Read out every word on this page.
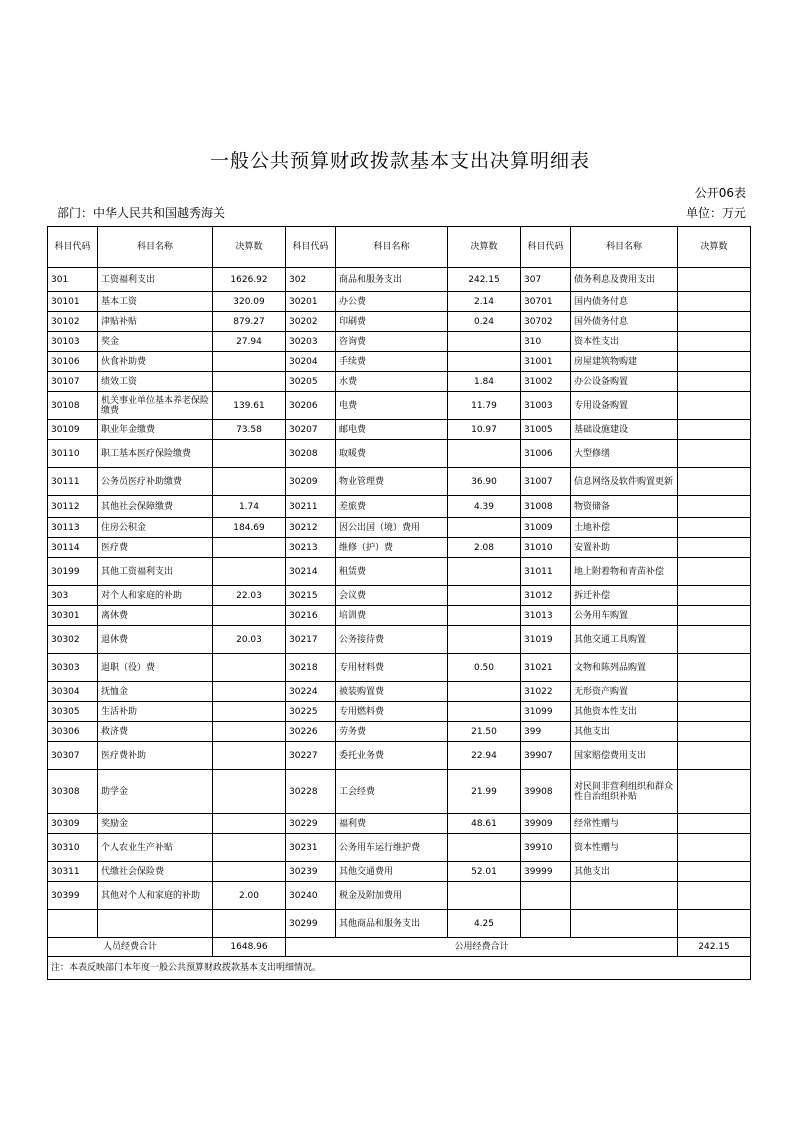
一般公共预算财政拨款基本支出决算明细表
公开06表
部门：中华人民共和国越秀海关	单位：万元
科目代码	科目名称	决算数	科目代码	科目名称	决算数	科目代码	科目名称	决算数
301	工资福利支出	1626.92	302	商品和服务支出	242.15	307	债务利息及费用支出	
30101	基本工资	320.09	30201	办公费	2.14	30701	国内债务付息	
30102	津贴补贴	879.27	30202	印刷费	0.24	30702	国外债务付息	
30103	奖金	27.94	30203	咨询费		310	资本性支出	
30106	伙食补助费		30204	手续费		31001	房屋建筑物购建	
30107	绩效工资		30205	水费	1.84	31002	办公设备购置	
30108	机关事业单位基本养老保险缴费	139.61	30206	电费	11.79	31003	专用设备购置	
30109	职业年金缴费	73.58	30207	邮电费	10.97	31005	基础设施建设	
30110	职工基本医疗保险缴费		30208	取暖费		31006	大型修缮	
30111	公务员医疗补助缴费		30209	物业管理费	36.90	31007	信息网络及软件购置更新	
30112	其他社会保障缴费	1.74	30211	差旅费	4.39	31008	物资储备	
30113	住房公积金	184.69	30212	因公出国（境）费用		31009	土地补偿	
30114	医疗费		30213	维修（护）费	2.08	31010	安置补助	
30199	其他工资福利支出		30214	租赁费		31011	地上附着物和青苗补偿	
303	对个人和家庭的补助	22.03	30215	会议费		31012	拆迁补偿	
30301	离休费		30216	培训费		31013	公务用车购置	
30302	退休费	20.03	30217	公务接待费		31019	其他交通工具购置	
30303	退职（役）费		30218	专用材料费	0.50	31021	文物和陈列品购置	
30304	抚恤金		30224	被装购置费		31022	无形资产购置	
30305	生活补助		30225	专用燃料费		31099	其他资本性支出	
30306	救济费		30226	劳务费	21.50	399	其他支出	
30307	医疗费补助		30227	委托业务费	22.94	39907	国家赔偿费用支出	
30308	助学金		30228	工会经费	21.99	39908	对民间非营利组织和群众性自治组织补贴	
30309	奖励金		30229	福利费	48.61	39909	经常性赠与	
30310	个人农业生产补贴		30231	公务用车运行维护费		39910	资本性赠与	
30311	代缴社会保险费		30239	其他交通费用	52.01	39999	其他支出	
30399	其他对个人和家庭的补助	2.00	30240	税金及附加费用				
			30299	其他商品和服务支出	4.25			
人员经费合计		1648.96	公用经费合计					242.15
注：本表反映部门本年度一般公共预算财政拨款基本支出明细情况。								
